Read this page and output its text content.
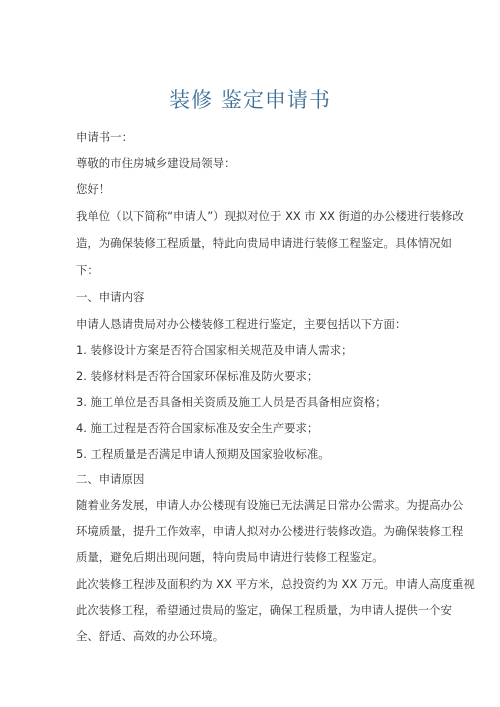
装修 鉴定申请书

申请书一：

尊敬的市住房城乡建设局领导：

您好！

我单位（以下简称“申请人”）现拟对位于 XX 市 XX 街道的办公楼进行装修改

造，为确保装修工程质量，特此向贵局申请进行装修工程鉴定。具体情况如

下：

一、申请内容

申请人恳请贵局对办公楼装修工程进行鉴定，主要包括以下方面：

1. 装修设计方案是否符合国家相关规范及申请人需求；

2. 装修材料是否符合国家环保标准及防火要求；

3. 施工单位是否具备相关资质及施工人员是否具备相应资格；

4. 施工过程是否符合国家标准及安全生产要求；

5. 工程质量是否满足申请人预期及国家验收标准。

二、申请原因

随着业务发展，申请人办公楼现有设施已无法满足日常办公需求。为提高办公

环境质量，提升工作效率，申请人拟对办公楼进行装修改造。为确保装修工程

质量，避免后期出现问题，特向贵局申请进行装修工程鉴定。

此次装修工程涉及面积约为 XX 平方米，总投资约为 XX 万元。申请人高度重视

此次装修工程，希望通过贵局的鉴定，确保工程质量，为申请人提供一个安

全、舒适、高效的办公环境。
